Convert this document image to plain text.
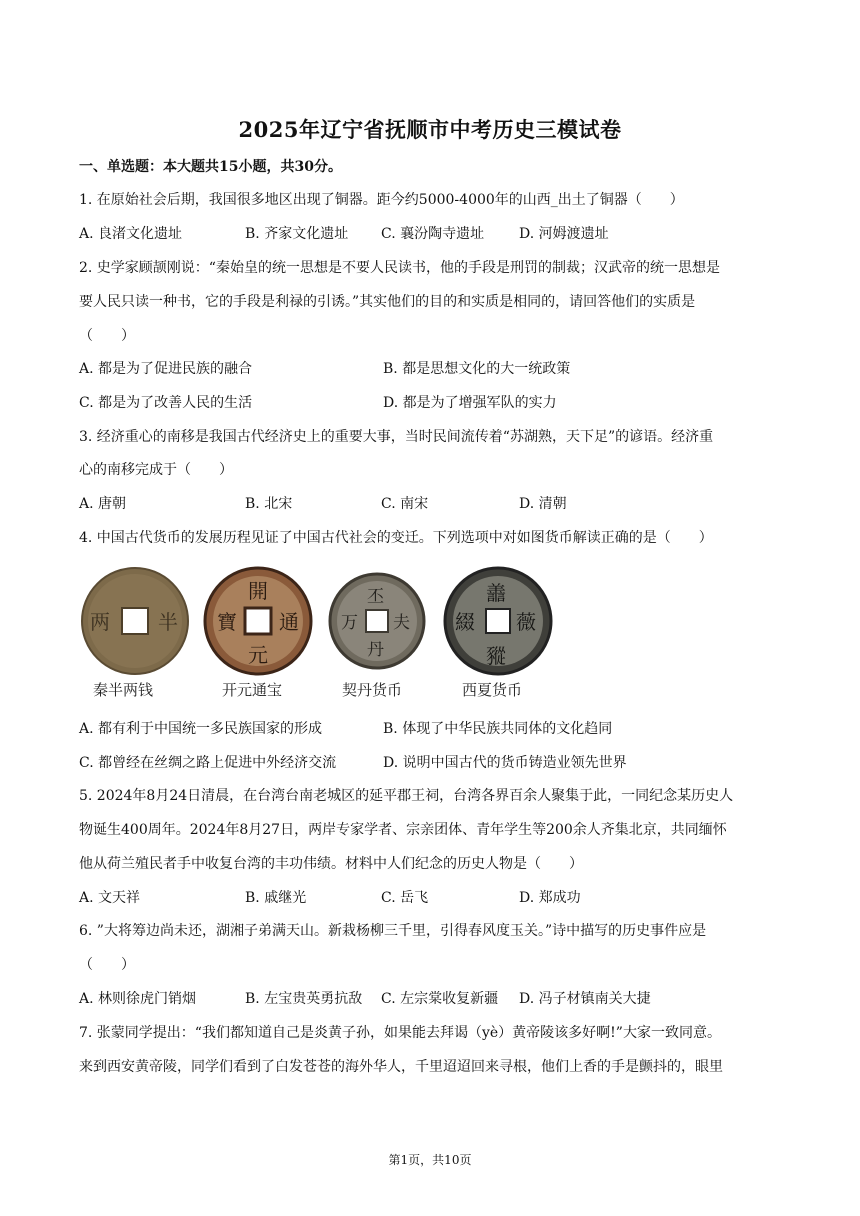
2025年辽宁省抚顺市中考历史三模试卷
一、单选题：本大题共15小题，共30分。
1. 在原始社会后期，我国很多地区出现了铜器。距今约5000-4000年的山西_出土了铜器（　　）
A. 良渚文化遗址	B. 齐家文化遗址 C. 襄汾陶寺遗址 D. 河姆渡遗址
2. 史学家顾颉刚说：“秦始皇的统一思想是不要人民读书，他的手段是刑罚的制裁；汉武帝的统一思想是
要人民只读一种书，它的手段是利禄的引诱。”其实他们的目的和实质是相同的，请回答他们的实质是
（　　）
A. 都是为了促进民族的融合	B. 都是思想文化的大一统政策
C. 都是为了改善人民的生活	D. 都是为了增强军队的实力
3. 经济重心的南移是我国古代经济史上的重要大事，当时民间流传着“苏湖熟，天下足”的谚语。经济重
心的南移完成于（　　）
A. 唐朝	B. 北宋	C. 南宋	D. 清朝
4. 中国古代货币的发展历程见证了中国古代社会的变迁。下列选项中对如图货币解读正确的是（　　）
两 半
開
元
寶 通
丕
丹
万 夫
譱
豵
綴 薇
秦半两钱	开元通宝	契丹货币	西夏货币
A. 都有利于中国统一多民族国家的形成	B. 体现了中华民族共同体的文化趋同
C. 都曾经在丝绸之路上促进中外经济交流	D. 说明中国古代的货币铸造业领先世界
5. 2024年8月24日清晨，在台湾台南老城区的延平郡王祠，台湾各界百余人聚集于此，一同纪念某历史人
物诞生400周年。2024年8月27日，两岸专家学者、宗亲团体、青年学生等200余人齐集北京，共同缅怀
他从荷兰殖民者手中收复台湾的丰功伟绩。材料中人们纪念的历史人物是（　　）
A. 文天祥	B. 戚继光	C. 岳飞	D. 郑成功
6. ”大将筹边尚未还，湖湘子弟满天山。新栽杨柳三千里，引得春风度玉关。”诗中描写的历史事件应是
（　　）
A. 林则徐虎门销烟	B. 左宝贵英勇抗敌 C. 左宗棠收复新疆 D. 冯子材镇南关大捷
7. 张蒙同学提出：“我们都知道自己是炎黄子孙，如果能去拜谒（yè）黄帝陵该多好啊!”大家一致同意。
来到西安黄帝陵，同学们看到了白发苍苍的海外华人，千里迢迢回来寻根，他们上香的手是颤抖的，眼里
第1页，共10页
